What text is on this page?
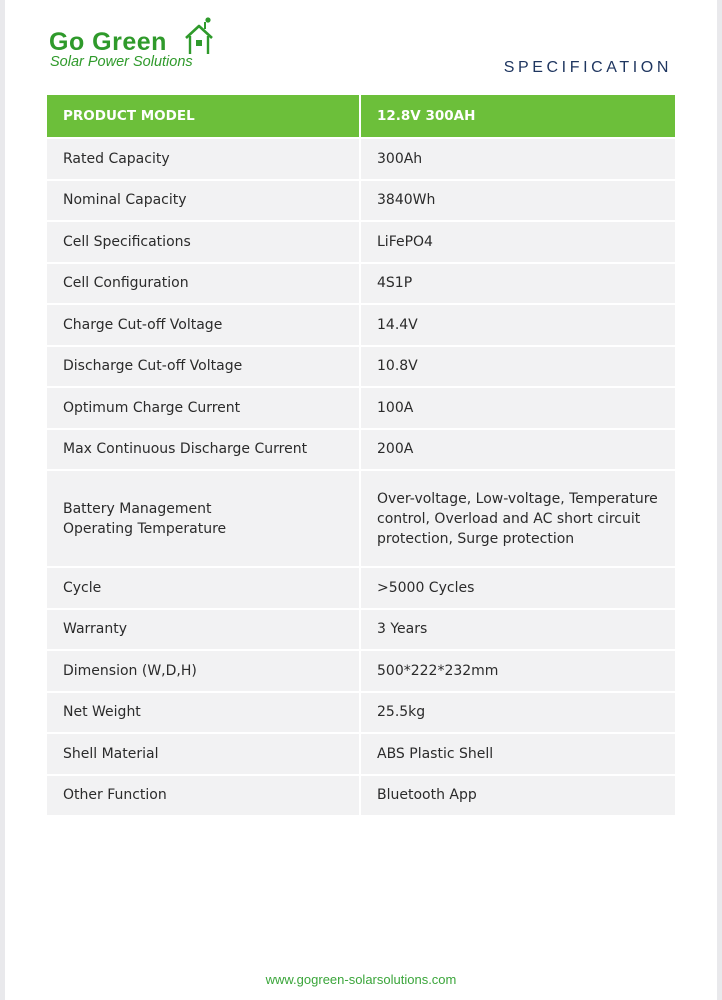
Go Green
Solar Power Solutions	SPECIFICATION
PRODUCT MODEL	12.8V 300AH
Rated Capacity	300Ah
Nominal Capacity	3840Wh
Cell Specifications	LiFePO4
Cell Configuration	4S1P
Charge Cut-off Voltage	14.4V
Discharge Cut-off Voltage	10.8V
Optimum Charge Current	100A
Max Continuous Discharge Current	200A

Battery Management
Operating Temperature	Over-voltage, Low-voltage, Temperature
control, Overload and AC short circuit
protection, Surge protection

Cycle	>5000 Cycles
Warranty	3 Years
Dimension (W,D,H)	500*222*232mm
Net Weight	25.5kg
Shell Material	ABS Plastic Shell
Other Function	Bluetooth App
www.gogreen-solarsolutions.com
